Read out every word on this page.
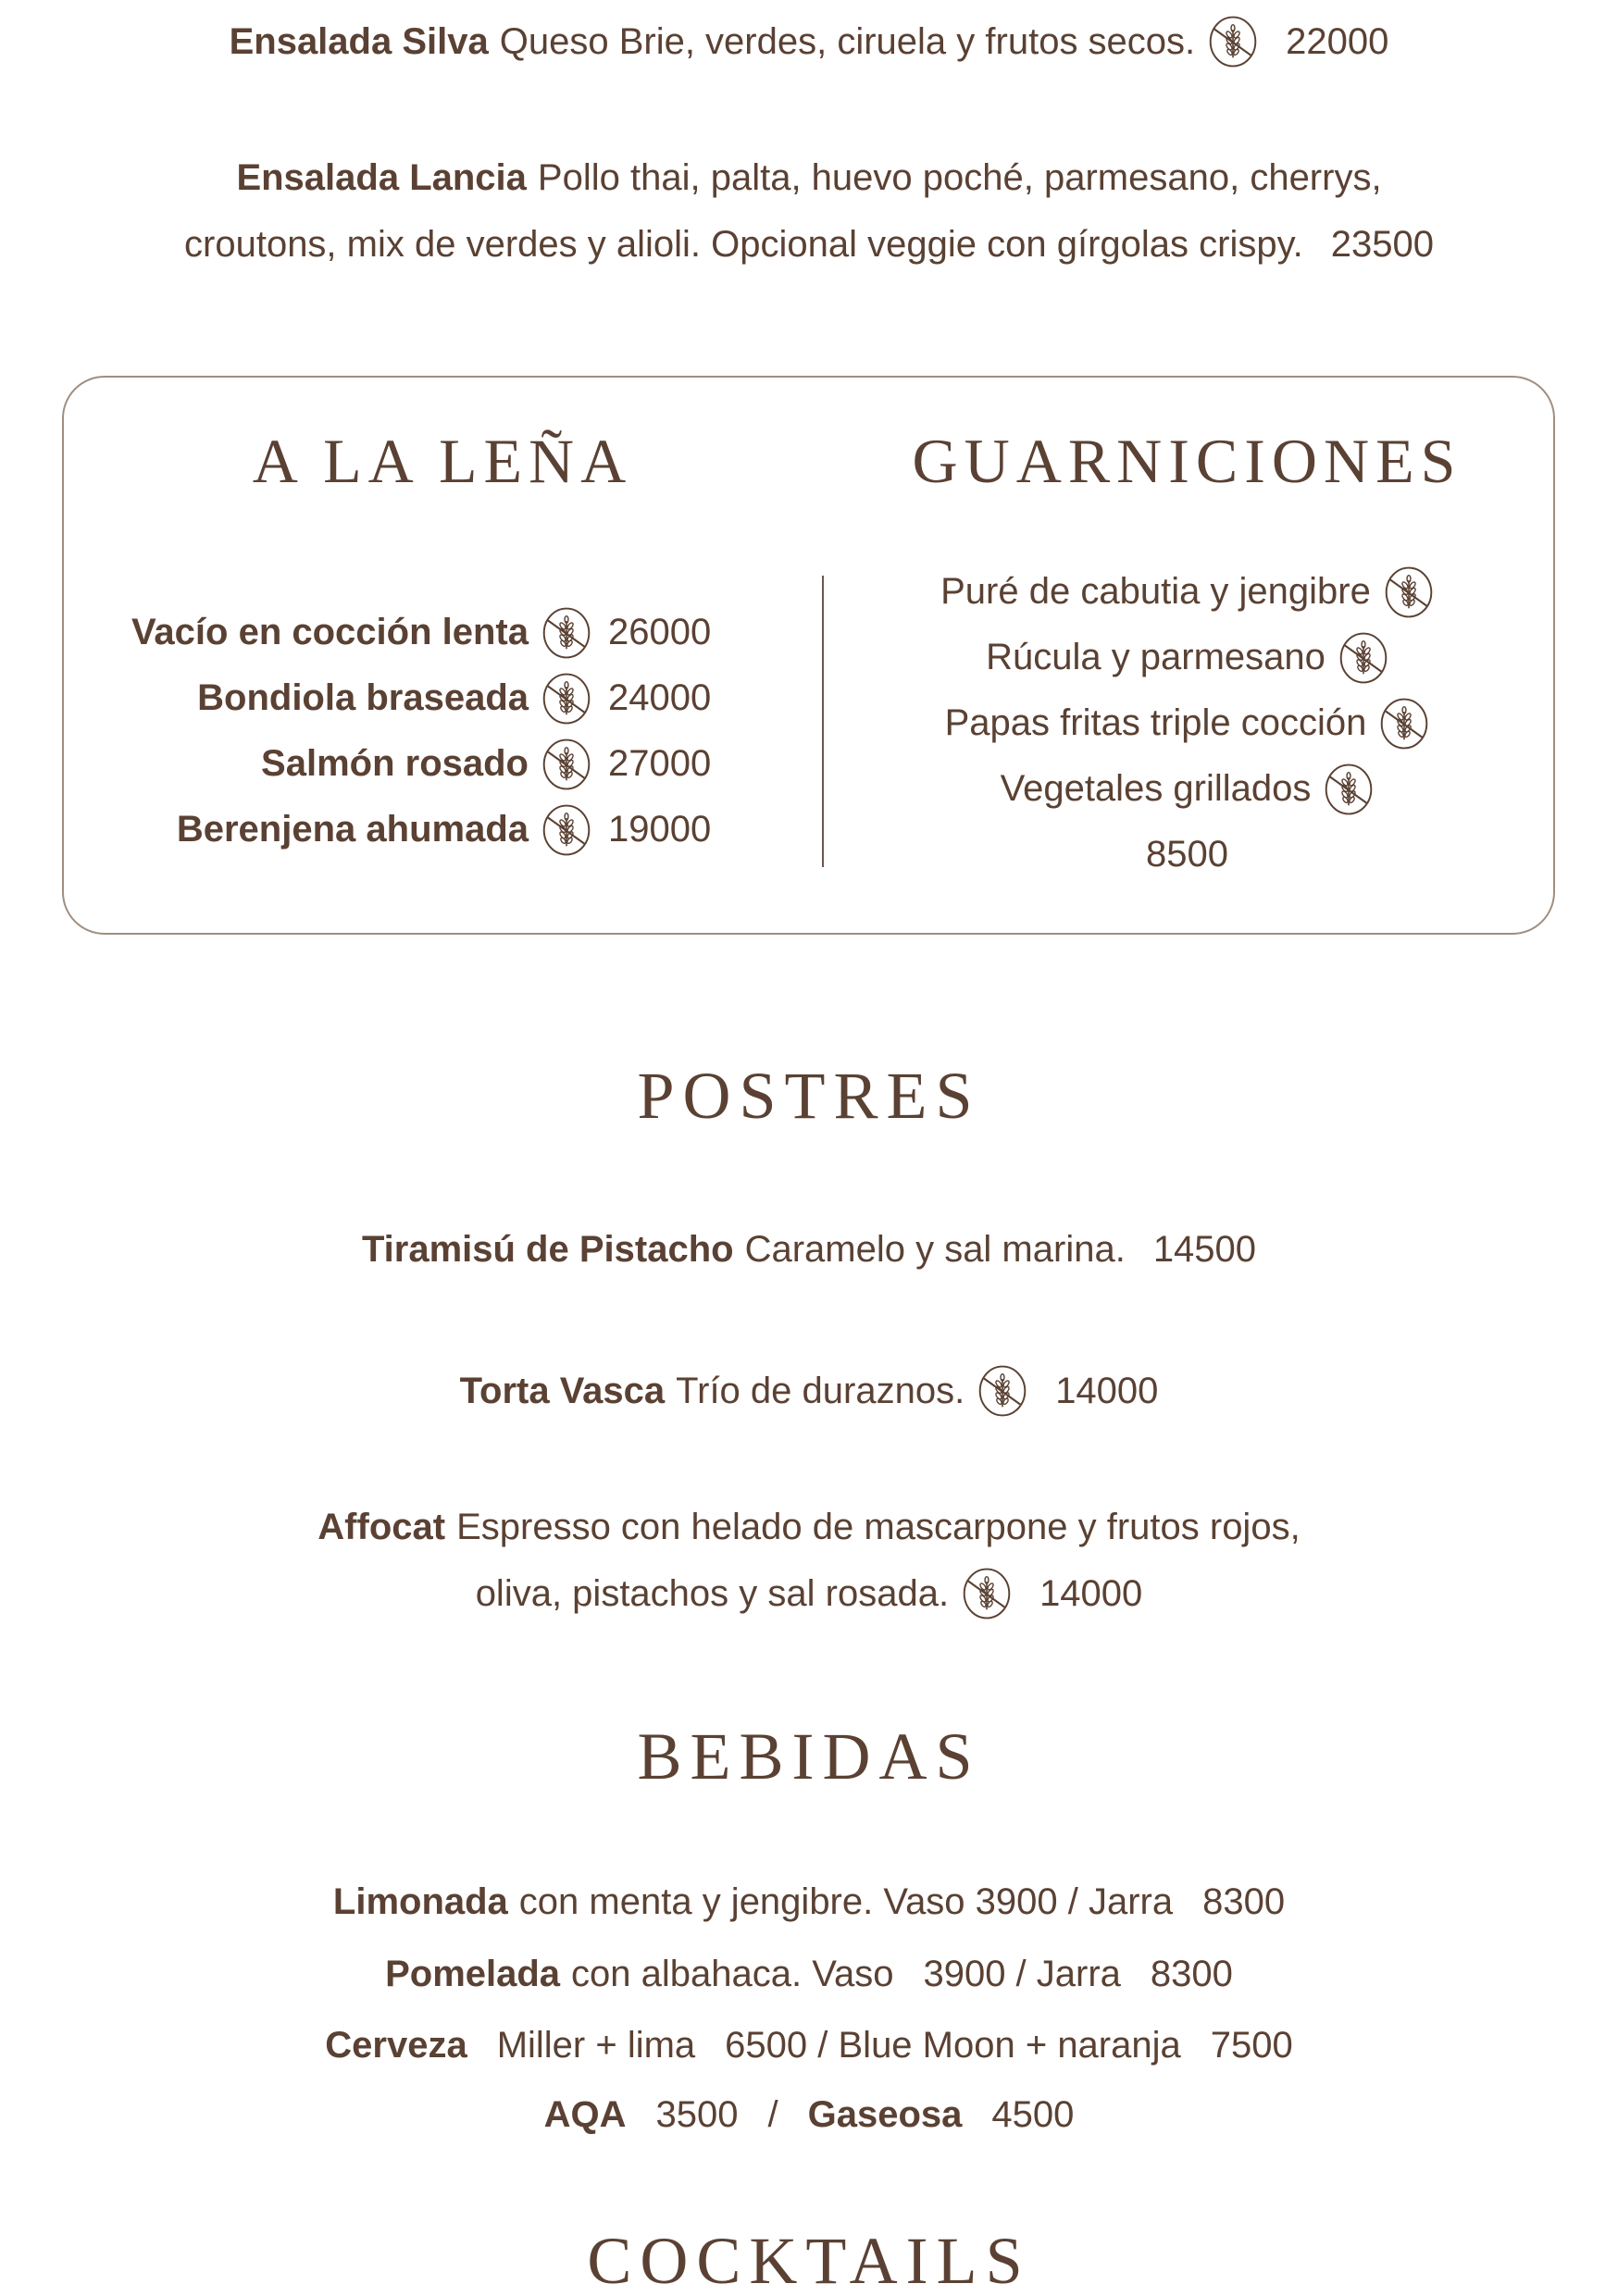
Ensalada Silva Queso Brie, verdes, ciruela y frutos secos. 22000
Ensalada Lancia Pollo thai, palta, huevo poché, parmesano, cherrys,
croutons, mix de verdes y alioli. Opcional veggie con gírgolas crispy. 23500
A LA LEÑA
Vacío en cocción lenta 26000
Bondiola braseada 24000
Salmón rosado 27000
Berenjena ahumada 19000
GUARNICIONES
Puré de cabutia y jengibre
Rúcula y parmesano
Papas fritas triple cocción
Vegetales grillados
8500
POSTRES
Tiramisú de Pistacho Caramelo y sal marina. 14500
Torta Vasca Trío de duraznos. 14000
Affocat Espresso con helado de mascarpone y frutos rojos,
oliva, pistachos y sal rosada. 14000
BEBIDAS
Limonada con menta y jengibre. Vaso 3900 / Jarra 8300
Pomelada con albahaca. Vaso 3900 / Jarra 8300
Cerveza Miller + lima 6500 / Blue Moon + naranja 7500
AQA 3500 / Gaseosa 4500
COCKTAILS
